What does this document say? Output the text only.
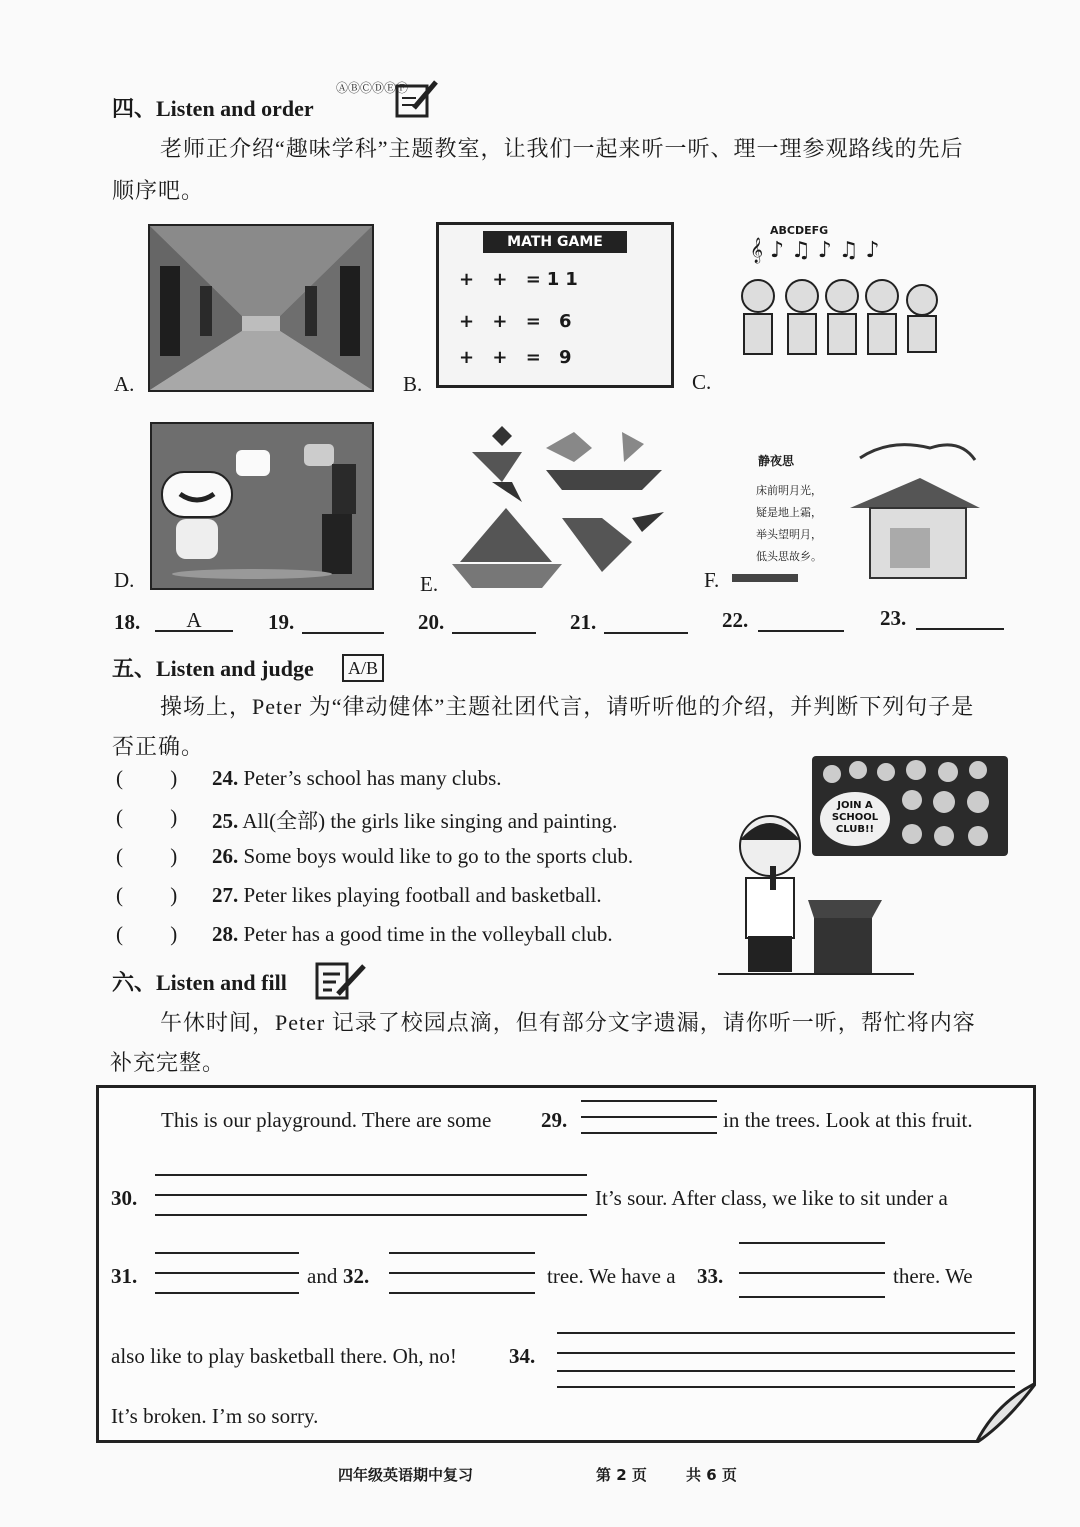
四、Listen and order
ⒶⒷⒸⒹⒺⒻ
老师正介绍“趣味学科”主题教室，让我们一起来听一听、理一理参观路线的先后
顺序吧。
A.	B.
MATH GAME
+ + =11
+ + = 6
+ + = 9
C.
ABCDEFG
𝄞 ♪ ♫ ♪ ♫ ♪
D.	E.	F.
静夜思
床前明月光，
疑是地上霜，
举头望明月，
低头思故乡。
18.	A	19.	20.	21.	22.	23.
五、Listen and judge	A/B
操场上，Peter 为“律动健体”主题社团代言，请听听他的介绍，并判断下列句子是
否正确。
(         ) 24. Peter’s school has many clubs.
(         ) 25. All(全部) the girls like singing and painting.
(         ) 26. Some boys would like to go to the sports club.
(         ) 27. Peter likes playing football and basketball.
(         ) 28. Peter has a good time in the volleyball club.
JOIN A SCHOOL CLUB!!
六、Listen and fill
午休时间，Peter 记录了校园点滴，但有部分文字遗漏，请你听一听，帮忙将内容
补充完整。
This is our playground. There are some 29.	in the trees. Look at this fruit.
30.	It’s sour. After class, we like to sit under a
31.	and 32.	tree. We have a 33.	there. We
also like to play basketball there. Oh, no! 34.
It’s broken. I’m so sorry.
四年级英语期中复习	第 2 页	共 6 页
